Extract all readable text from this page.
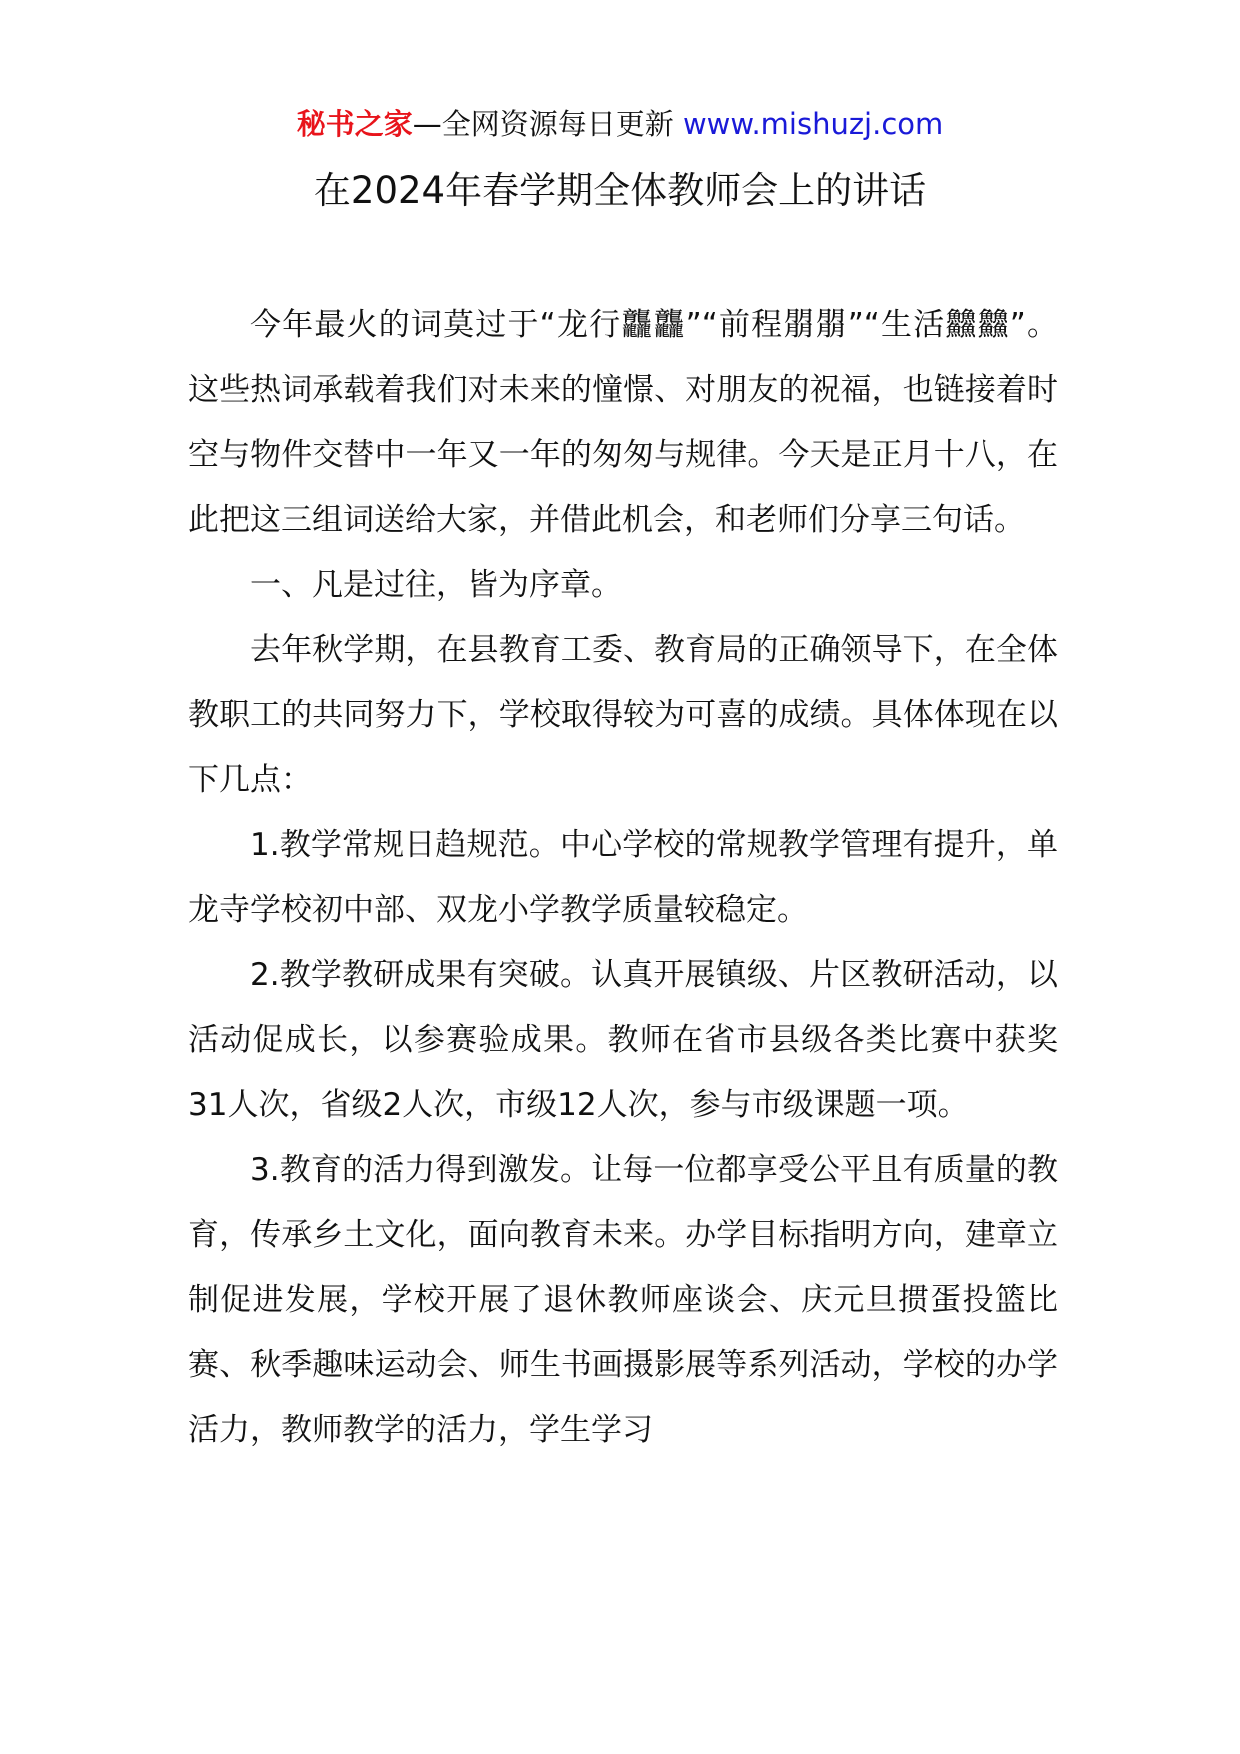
秘书之家—全网资源每日更新 www.mishuzj.com
在2024年春学期全体教师会上的讲话

今年最火的词莫过于“龙行龘龘”“前程朤朤”“生活䲜䲜”。这些热词承载着我们对未来的憧憬、对朋友的祝福，也链接着时空与物件交替中一年又一年的匆匆与规律。今天是正月十八，在此把这三组词送给大家，并借此机会，和老师们分享三句话。

一、凡是过往，皆为序章。

去年秋学期，在县教育工委、教育局的正确领导下，在全体教职工的共同努力下，学校取得较为可喜的成绩。具体体现在以下几点：

1.教学常规日趋规范。中心学校的常规教学管理有提升，单龙寺学校初中部、双龙小学教学质量较稳定。

2.教学教研成果有突破。认真开展镇级、片区教研活动，以活动促成长，以参赛验成果。教师在省市县级各类比赛中获奖31人次，省级2人次，市级12人次，参与市级课题一项。

3.教育的活力得到激发。让每一位都享受公平且有质量的教育，传承乡土文化，面向教育未来。办学目标指明方向，建章立制促进发展，学校开展了退休教师座谈会、庆元旦掼蛋投篮比赛、秋季趣味运动会、师生书画摄影展等系列活动，学校的办学活力，教师教学的活力，学生学习
